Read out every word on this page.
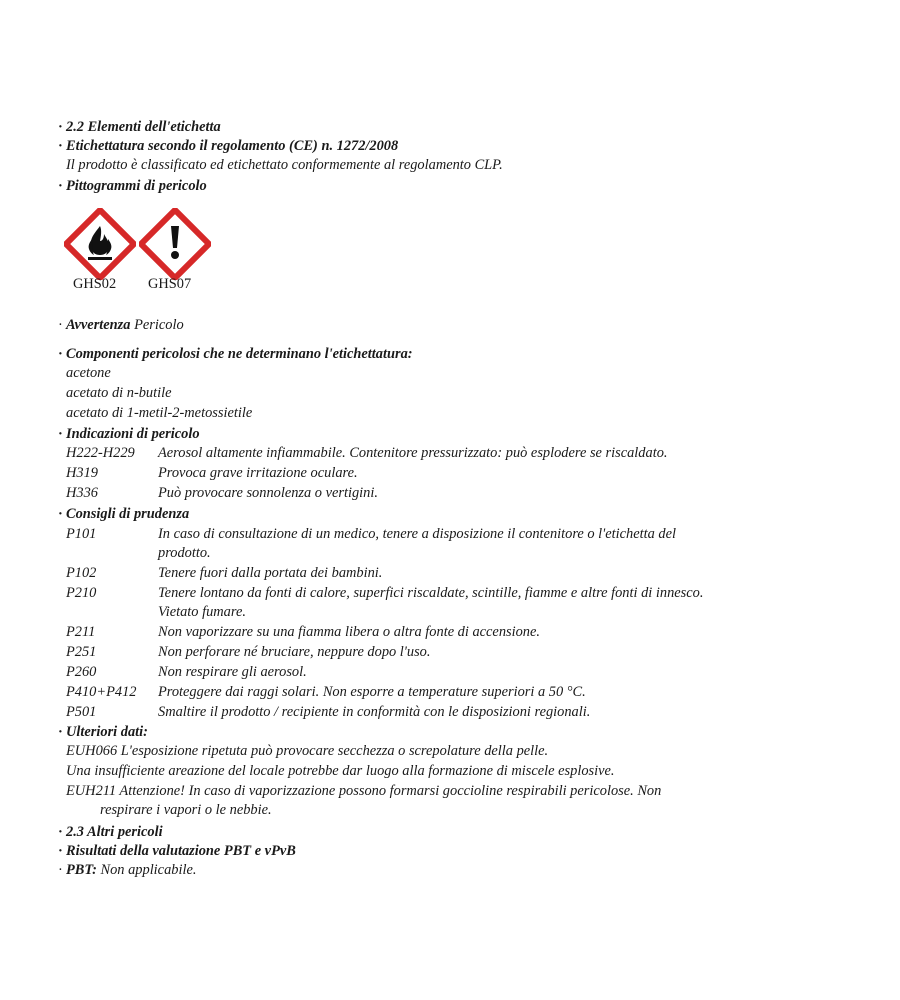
· 2.2 Elementi dell'etichetta
· Etichettatura secondo il regolamento (CE) n. 1272/2008
Il prodotto è classificato ed etichettato conformemente al regolamento CLP.
· Pittogrammi di pericolo
GHS02 GHS07
· Avvertenza Pericolo
· Componenti pericolosi che ne determinano l'etichettatura:
acetone
acetato di n-butile
acetato di 1-metil-2-metossietile
· Indicazioni di pericolo
H222-H229 Aerosol altamente infiammabile. Contenitore pressurizzato: può esplodere se riscaldato.
H319	Provoca grave irritazione oculare.
H336	Può provocare sonnolenza o vertigini.
· Consigli di prudenza
P101	In caso di consultazione di un medico, tenere a disposizione il contenitore o l'etichetta del
prodotto.
P102	Tenere fuori dalla portata dei bambini.
P210	Tenere lontano da fonti di calore, superfici riscaldate, scintille, fiamme e altre fonti di innesco.
Vietato fumare.
P211	Non vaporizzare su una fiamma libera o altra fonte di accensione.
P251	Non perforare né bruciare, neppure dopo l'uso.
P260	Non respirare gli aerosol.
P410+P412 Proteggere dai raggi solari. Non esporre a temperature superiori a 50 °C.
P501	Smaltire il prodotto / recipiente in conformità con le disposizioni regionali.
· Ulteriori dati:
EUH066 L'esposizione ripetuta può provocare secchezza o screpolature della pelle.
Una insufficiente areazione del locale potrebbe dar luogo alla formazione di miscele esplosive.
EUH211 Attenzione! In caso di vaporizzazione possono formarsi goccioline respirabili pericolose. Non
respirare i vapori o le nebbie.
· 2.3 Altri pericoli
· Risultati della valutazione PBT e vPvB
· PBT: Non applicabile.
